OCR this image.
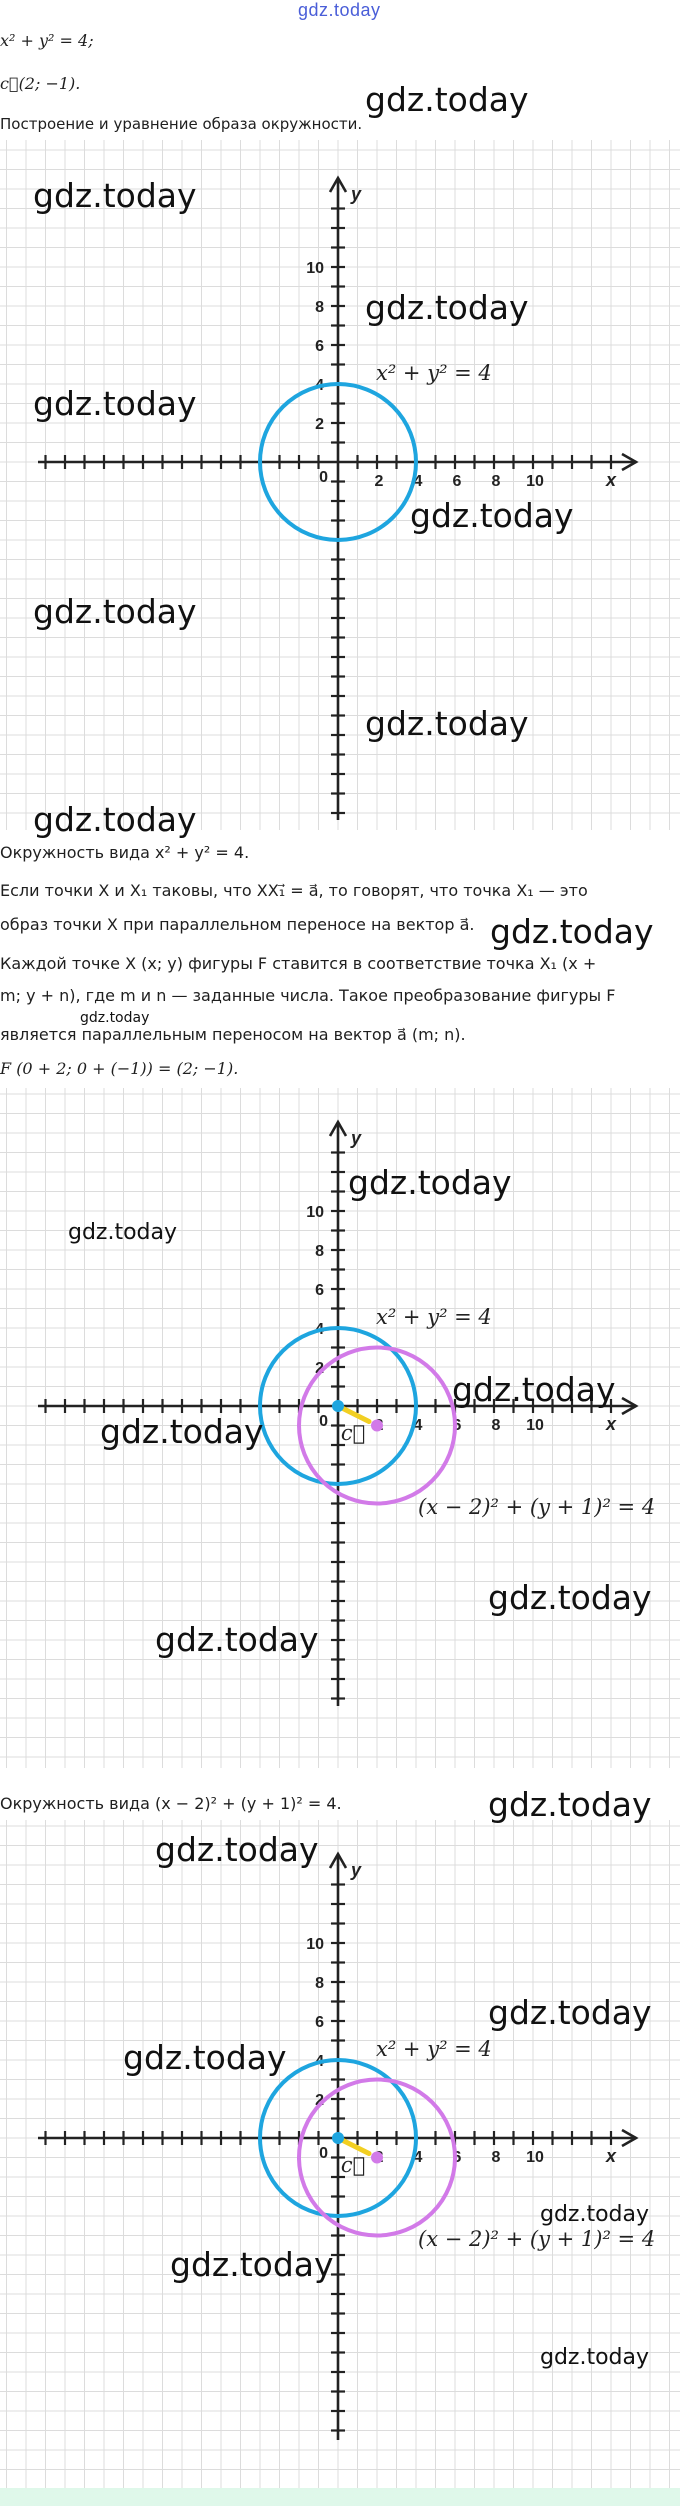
gdz.today
x² + y² = 4;
c⃗(2; −1).
Построение и уравнение образа окружности.
2
2
4
4
6
6
8
8
10
10
0	x
y
x² + y² = 4
Окружность вида x² + y² = 4.
Если точки X и X₁ таковы, что XX₁⃗ = a⃗, то говорят, что точка X₁ — это
образ точки X при параллельном переносе на вектор a⃗.
Каждой точке X (x; y) фигуры F ставится в соответствие точка X₁ (x +
m; y + n), где m и n — заданные числа. Такое преобразование фигуры F
является параллельным переносом на вектор a⃗ (m; n).
F (0 + 2; 0 + (−1)) = (2; −1).
2
4
4
6
6
8
8
10
10
0	x
y
x² + y² = 4
c⃗
(x − 2)² + (y + 1)² = 4
Окружность вида (x − 2)² + (y + 1)² = 4.
2
4
4
6
6
8
8
10
10
0	x
y
x² + y² = 4
c⃗
(x − 2)² + (y + 1)² = 4
gdz.today
gdz.today
gdz.today
gdz.today
gdz.today
gdz.today
gdz.today
gdz.today
gdz.today
gdz.today
gdz.today
gdz.today
gdz.today
gdz.today
gdz.today
gdz.today
gdz.today
gdz.today
gdz.today
gdz.today
gdz.today
gdz.today
gdz.today
